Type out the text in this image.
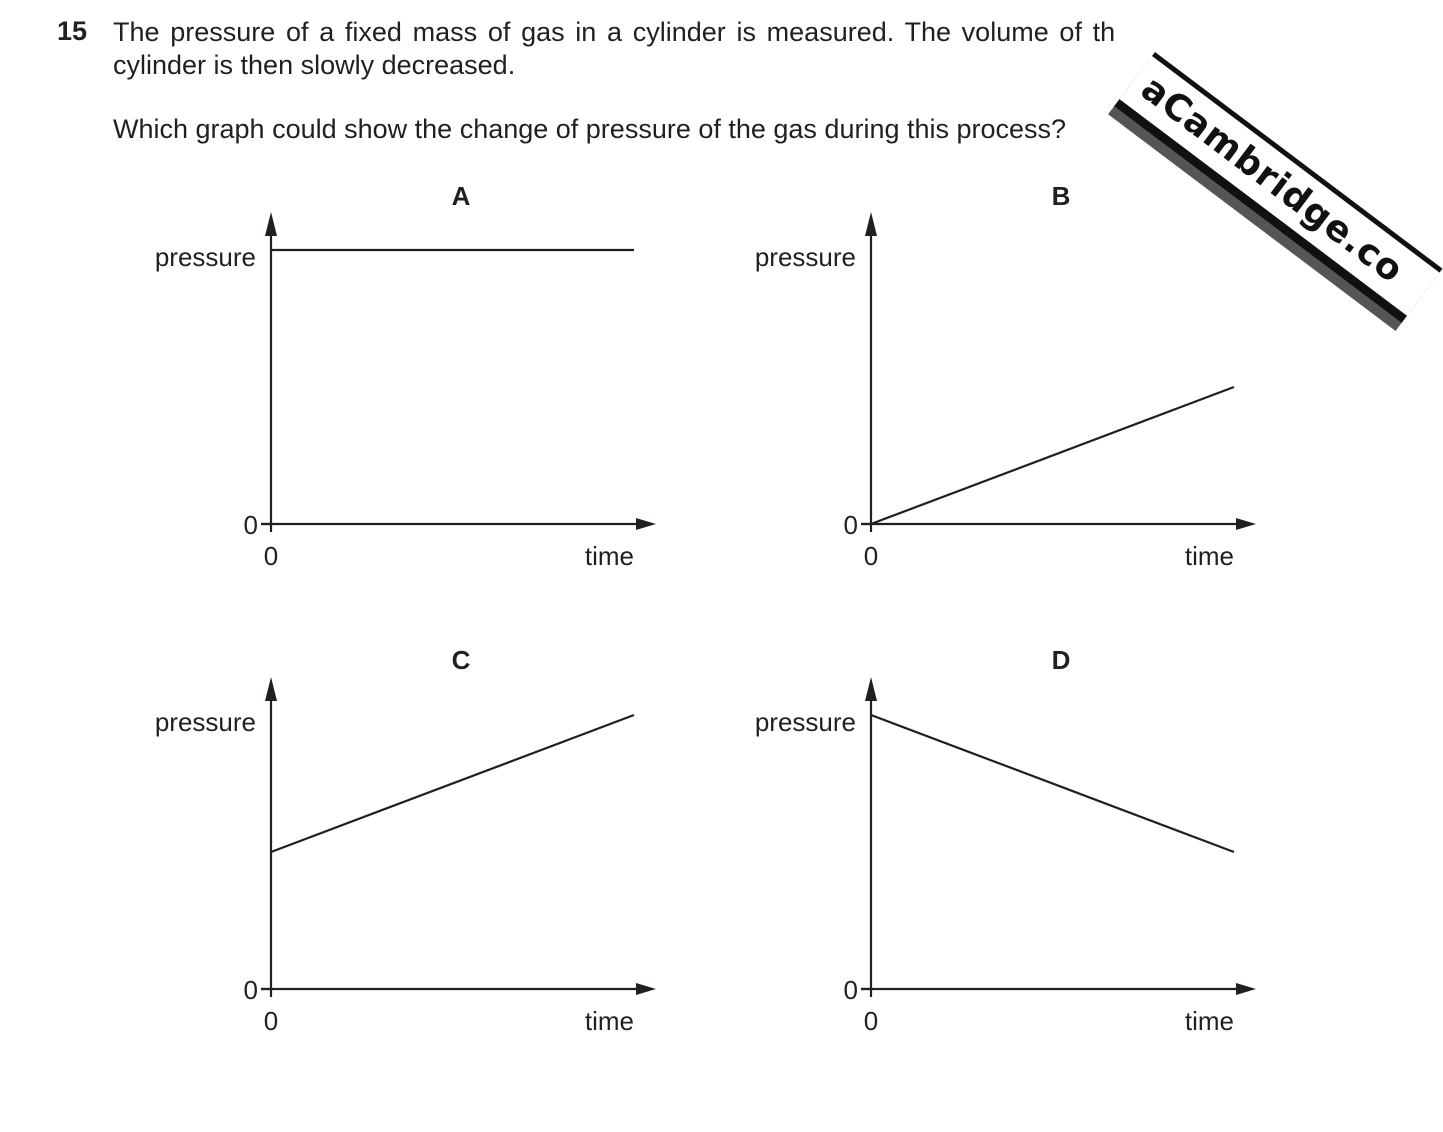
15 The pressure of a fixed mass of gas in a cylinder is measured. The volume of th
cylinder is then slowly decreased.
Which graph could show the change of pressure of the gas during this process? aCambridge.co
A
pressure
0
0	time
B
pressure
0
0	time
C
pressure
0
0	time
D
pressure
0
0	time
